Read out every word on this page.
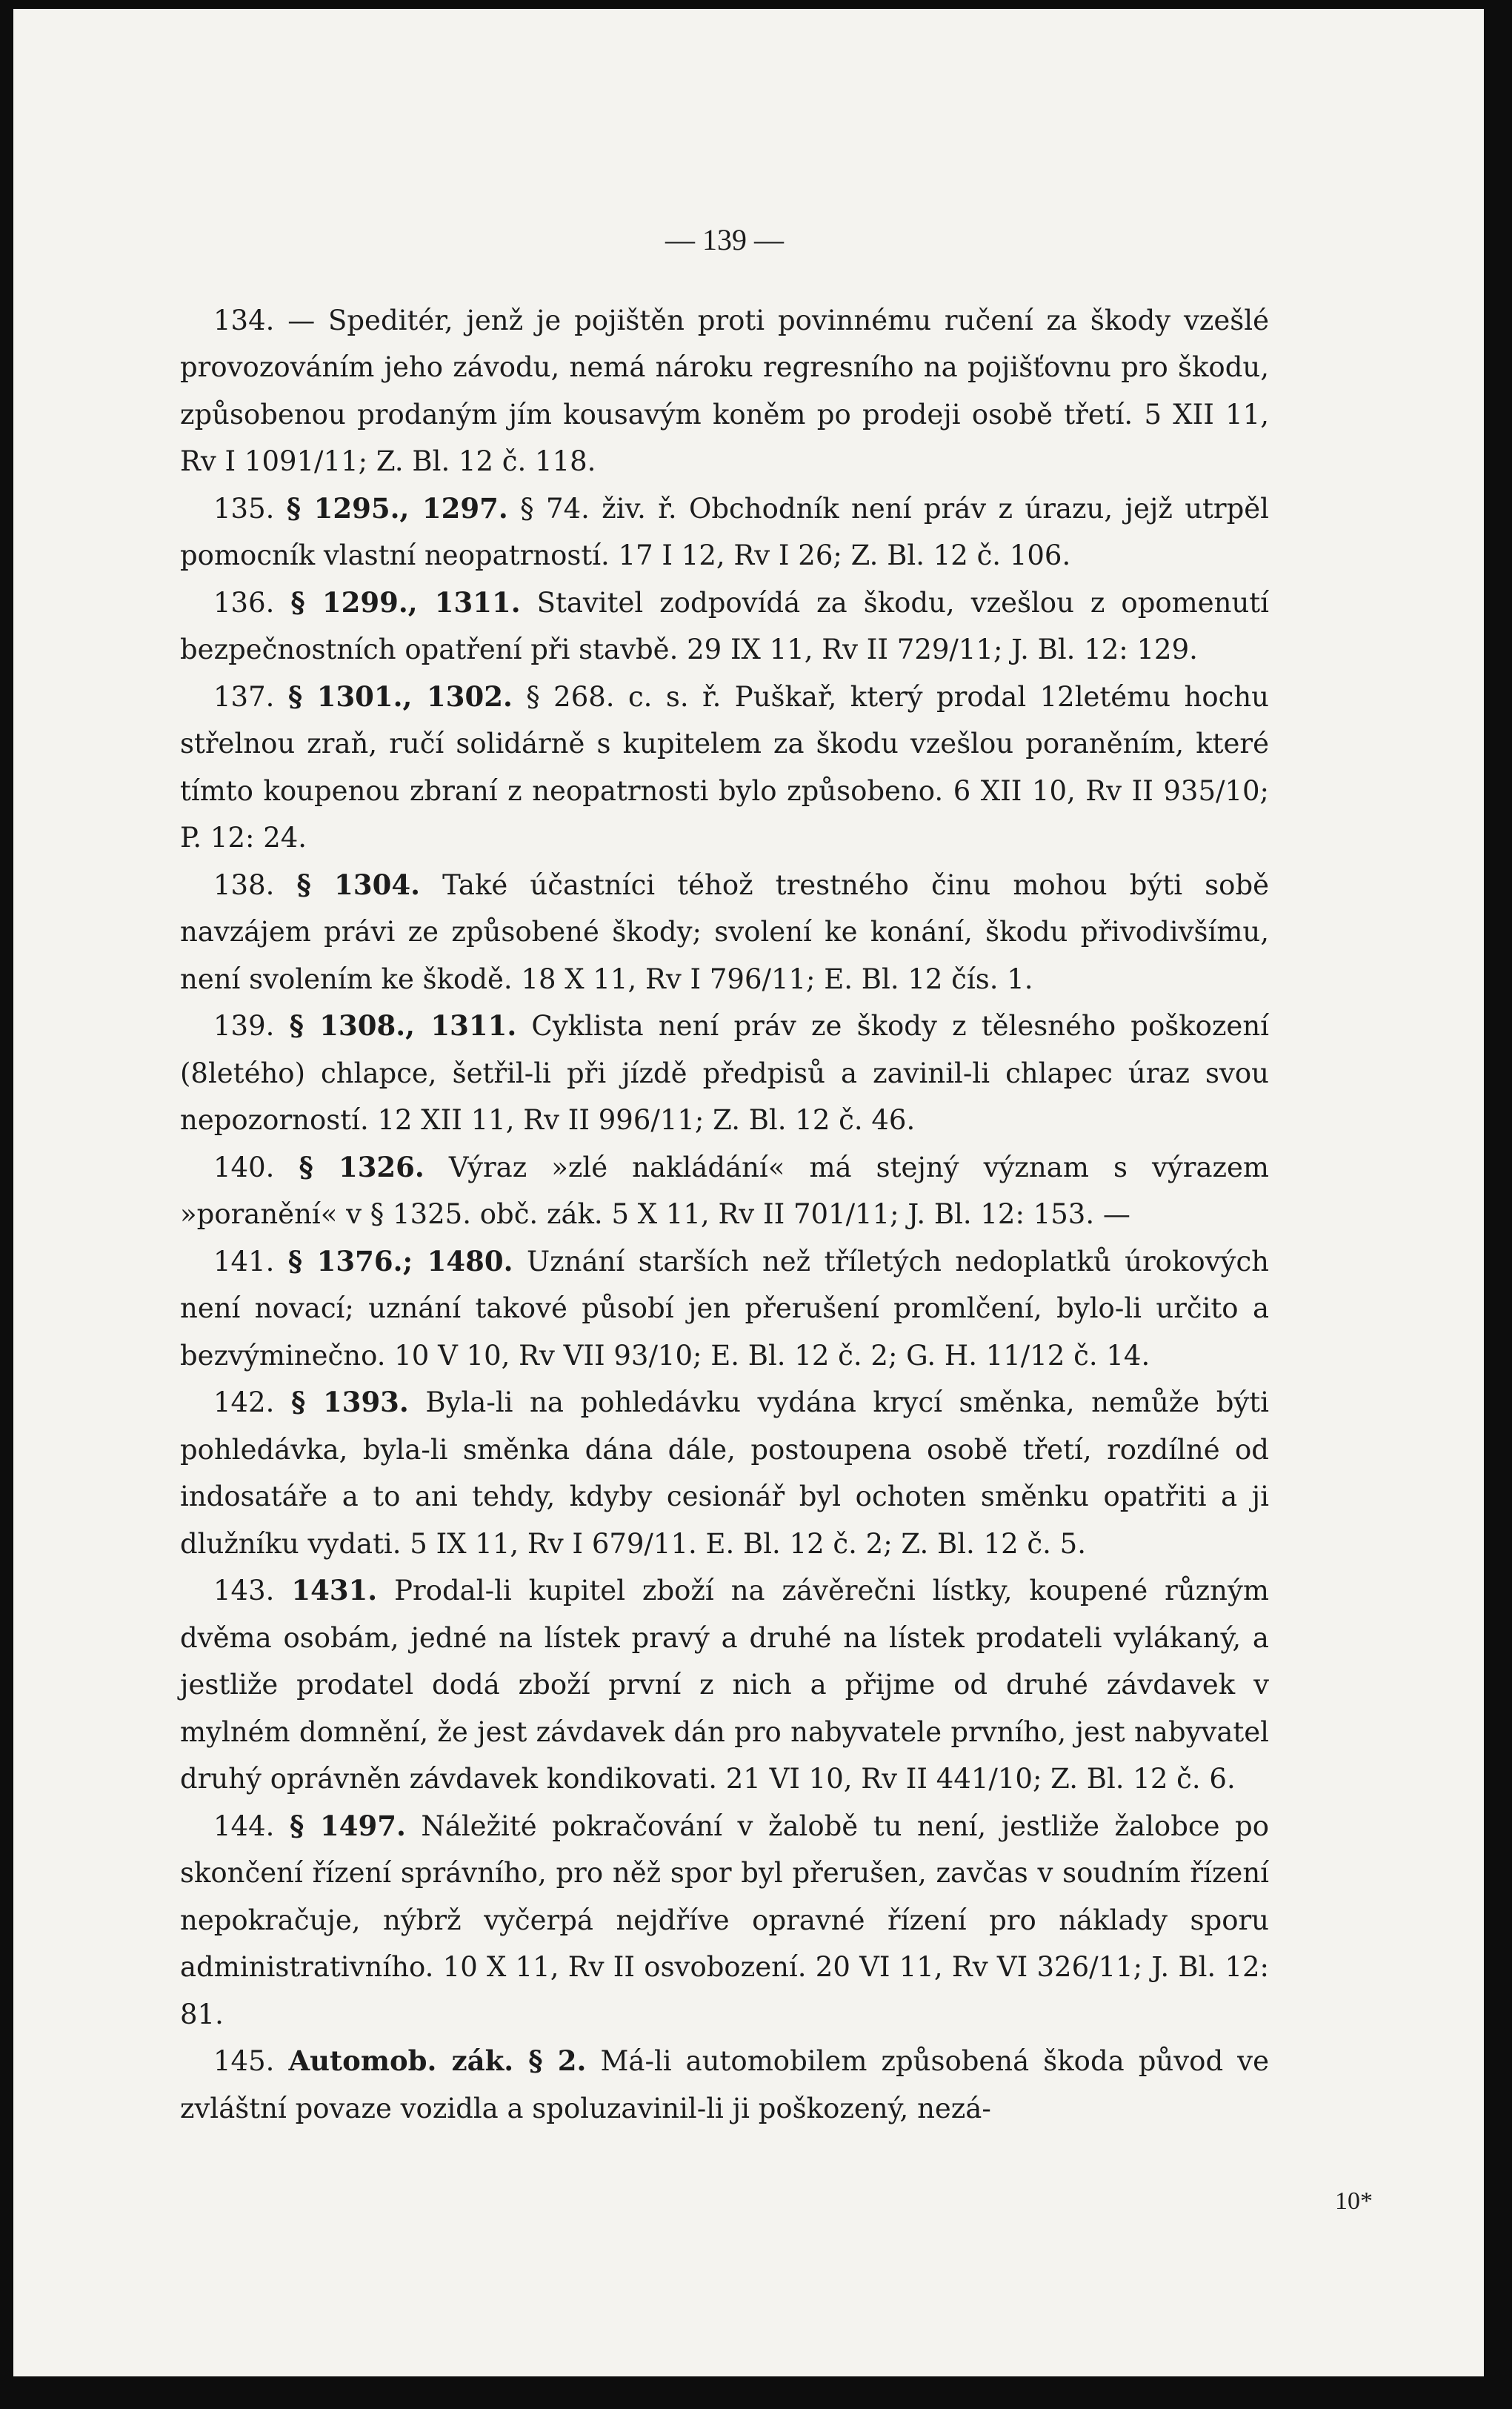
— 139 —

134. — Speditér, jenž je pojištěn proti povinnému ručení za škody vzešlé provozováním jeho závodu, nemá nároku regresního na pojišťovnu pro škodu, způsobenou prodaným jím kousavým koněm po prodeji osobě třetí. 5 XII 11, Rv I 1091/11; Z. Bl. 12 č. 118.

135. § 1295., 1297. § 74. živ. ř. Obchodník není práv z úrazu, jejž utrpěl pomocník vlastní neopatrností. 17 I 12, Rv I 26; Z. Bl. 12 č. 106.

136. § 1299., 1311. Stavitel zodpovídá za škodu, vzešlou z opomenutí bezpečnostních opatření při stavbě. 29 IX 11, Rv II 729/11; J. Bl. 12: 129.

137. § 1301., 1302. § 268. c. s. ř. Puškař, který prodal 12letému hochu střelnou zraň, ručí solidárně s kupitelem za škodu vzešlou poraněním, které tímto koupenou zbraní z neopatrnosti bylo způsobeno. 6 XII 10, Rv II 935/10; P. 12: 24.

138. § 1304. Také účastníci téhož trestného činu mohou býti sobě navzájem právi ze způsobené škody; svolení ke konání, škodu přivodivšímu, není svolením ke škodě. 18 X 11, Rv I 796/11; E. Bl. 12 čís. 1.

139. § 1308., 1311. Cyklista není práv ze škody z tělesného poškození (8letého) chlapce, šetřil-li při jízdě předpisů a zavinil-li chlapec úraz svou nepozorností. 12 XII 11, Rv II 996/11; Z. Bl. 12 č. 46.

140. § 1326. Výraz »zlé nakládání« má stejný význam s výrazem »poranění« v § 1325. obč. zák. 5 X 11, Rv II 701/11; J. Bl. 12: 153. —

141. § 1376.; 1480. Uznání starších než tříletých nedoplatků úrokových není novací; uznání takové působí jen přerušení promlčení, bylo-li určito a bezvýminečno. 10 V 10, Rv VII 93/10; E. Bl. 12 č. 2; G. H. 11/12 č. 14.

142. § 1393. Byla-li na pohledávku vydána krycí směnka, nemůže býti pohledávka, byla-li směnka dána dále, postoupena osobě třetí, rozdílné od indosatáře a to ani tehdy, kdyby cesionář byl ochoten směnku opatřiti a ji dlužníku vydati. 5 IX 11, Rv I 679/11. E. Bl. 12 č. 2; Z. Bl. 12 č. 5.

143. 1431. Prodal-li kupitel zboží na závěrečni lístky, koupené různým dvěma osobám, jedné na lístek pravý a druhé na lístek prodateli vylákaný, a jestliže prodatel dodá zboží první z nich a přijme od druhé závdavek v mylném domnění, že jest závdavek dán pro nabyvatele prvního, jest nabyvatel druhý oprávněn závdavek kondikovati. 21 VI 10, Rv II 441/10; Z. Bl. 12 č. 6.

144. § 1497. Náležité pokračování v žalobě tu není, jestliže žalobce po skončení řízení správního, pro něž spor byl přerušen, zavčas v soudním řízení nepokračuje, nýbrž vyčerpá nejdříve opravné řízení pro náklady sporu administrativního. 10 X 11, Rv II osvobození. 20 VI 11, Rv VI 326/11; J. Bl. 12: 81.

145. Automob. zák. § 2. Má-li automobilem způsobená škoda původ ve zvláštní povaze vozidla a spoluzavinil-li ji poškozený, nezá-

10*
